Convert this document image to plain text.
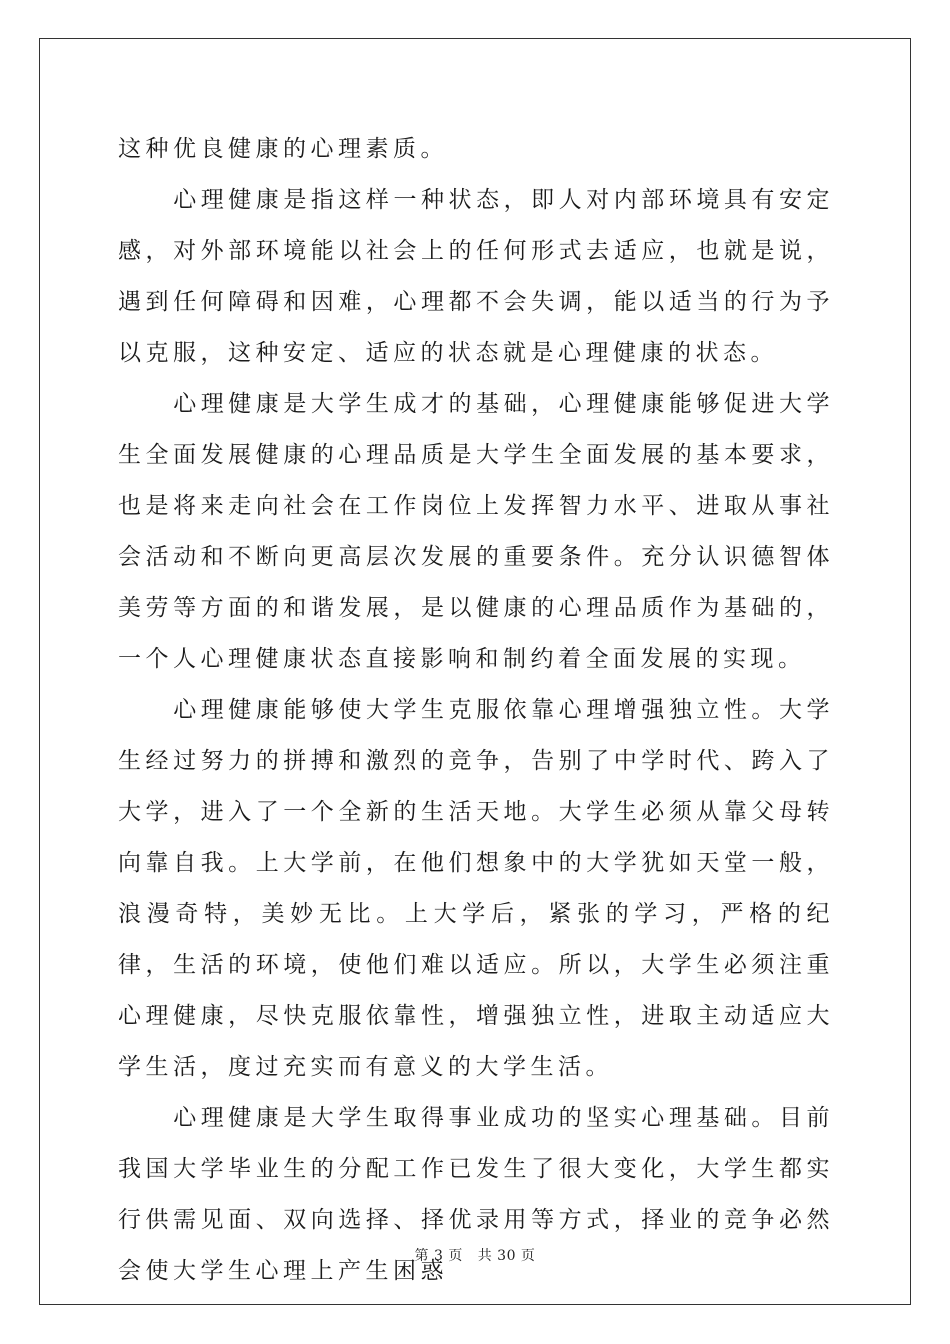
这种优良健康的心理素质。

心理健康是指这样一种状态，即人对内部环境具有安定感，对外部环境能以社会上的任何形式去适应，也就是说，遇到任何障碍和因难，心理都不会失调，能以适当的行为予以克服，这种安定、适应的状态就是心理健康的状态。

心理健康是大学生成才的基础，心理健康能够促进大学生全面发展健康的心理品质是大学生全面发展的基本要求，也是将来走向社会在工作岗位上发挥智力水平、进取从事社会活动和不断向更高层次发展的重要条件。充分认识德智体美劳等方面的和谐发展，是以健康的心理品质作为基础的，一个人心理健康状态直接影响和制约着全面发展的实现。

心理健康能够使大学生克服依靠心理增强独立性。大学生经过努力的拼搏和激烈的竞争，告别了中学时代、跨入了大学，进入了一个全新的生活天地。大学生必须从靠父母转向靠自我。上大学前，在他们想象中的大学犹如天堂一般，浪漫奇特，美妙无比。上大学后，紧张的学习，严格的纪律，生活的环境，使他们难以适应。所以，大学生必须注重心理健康，尽快克服依靠性，增强独立性，进取主动适应大学生活，度过充实而有意义的大学生活。

心理健康是大学生取得事业成功的坚实心理基础。目前我国大学毕业生的分配工作已发生了很大变化，大学生都实行供需见面、双向选择、择优录用等方式，择业的竞争必然会使大学生心理上产生困惑

第 3 页 共 30 页
